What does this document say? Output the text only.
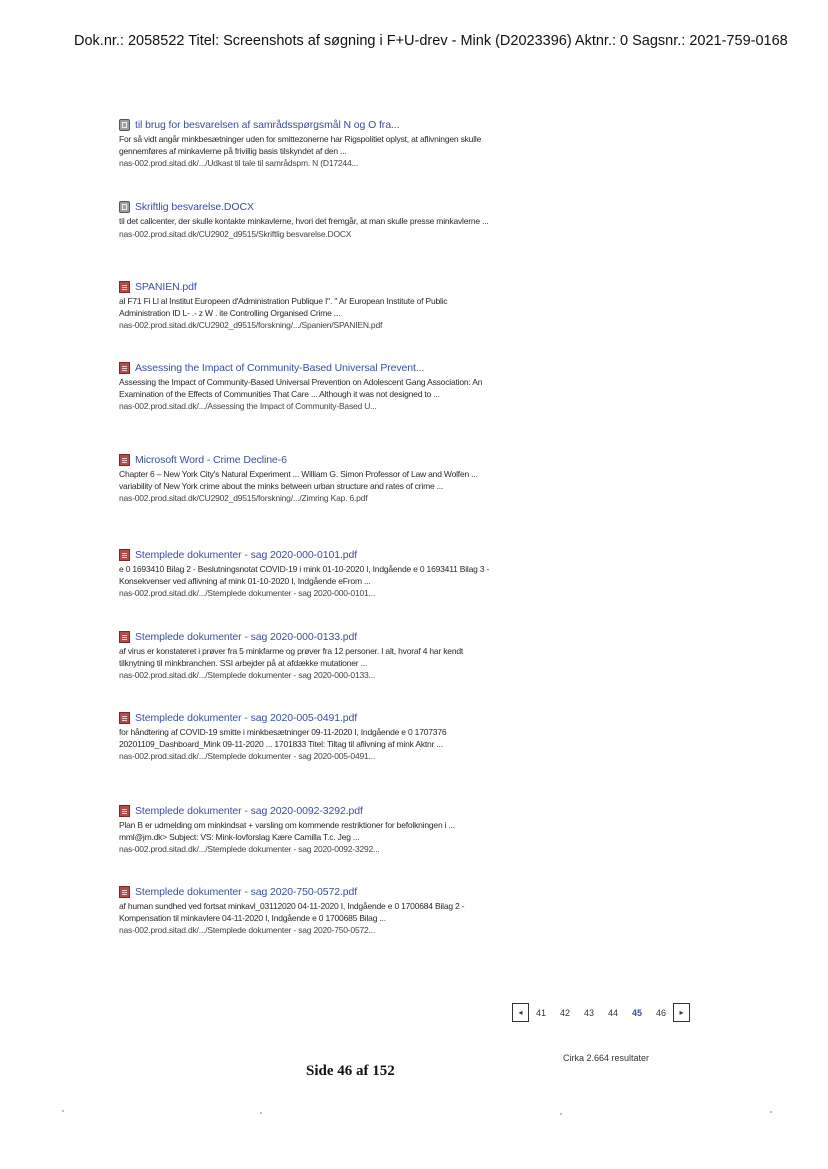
Dok.nr.: 2058522 Titel: Screenshots af søgning i F+U-drev - Mink (D2023396) Aktnr.: 0 Sagsnr.: 2021-759-0168
til brug for besvarelsen af samrådsspørgsmål N og O fra...
For så vidt angår minkbesætninger uden for smittezonerne har Rigspolitiet oplyst, at aflivningen skulle gennemføres af minkavlerne på frivillig basis tilskyndet af den ...
nas-002.prod.sitad.dk/.../Udkast til tale til samrådspm. N (D17244...
Skriftlig besvarelse.DOCX
til det callcenter, der skulle kontakte minkavlerne, hvori det fremgår, at man skulle presse minkavlerne ...
nas-002.prod.sitad.dk/CU2902_d9515/Skriftlig besvarelse.DOCX
SPANIEN.pdf
al F71 Fi Ll al Institut Europeen d'Administration Publique I". " Ar European Institute of Public Administration ID L- .- z W . ite Controlling Organised Crime ...
nas-002.prod.sitad.dk/CU2902_d9515/forskning/.../Spanien/SPANIEN.pdf
Assessing the Impact of Community-Based Universal Prevent...
Assessing the Impact of Community-Based Universal Prevention on Adolescent Gang Association: An Examination of the Effects of Communities That Care ... Although it was not designed to ...
nas-002.prod.sitad.dk/.../Assessing the Impact of Community-Based U...
Microsoft Word - Crime Decline-6
Chapter 6 – New York City's Natural Experiment ... William G. Simon Professor of Law and Wolfen ... variability of New York crime about the minks between urban structure and rates of crime ...
nas-002.prod.sitad.dk/CU2902_d9515/forskning/.../Zimring Kap. 6.pdf
Stemplede dokumenter - sag 2020-000-0101.pdf
e 0 1693410 Bilag 2 - Beslutningsnotat COVID-19 i mink 01-10-2020 I, Indgående e 0 1693411 Bilag 3 - Konsekvenser ved aflivning af mink 01-10-2020 I, Indgående eFrom ...
nas-002.prod.sitad.dk/.../Stemplede dokumenter - sag 2020-000-0101...
Stemplede dokumenter - sag 2020-000-0133.pdf
af virus er konstateret i prøver fra 5 minkfarme og prøver fra 12 personer. I alt, hvoraf 4 har kendt tilknytning til minkbranchen. SSI arbejder på at afdække mutationer ...
nas-002.prod.sitad.dk/.../Stemplede dokumenter - sag 2020-000-0133...
Stemplede dokumenter - sag 2020-005-0491.pdf
for håndtering af COVID-19 smitte i minkbesætninger 09-11-2020 I, Indgående e 0 1707376 20201109_Dashboard_Mink 09-11-2020 ... 1701833 Titel: Tiltag til aflivning af mink Aktnr ...
nas-002.prod.sitad.dk/.../Stemplede dokumenter - sag 2020-005-0491...
Stemplede dokumenter - sag 2020-0092-3292.pdf
Plan B er udmelding om minkindsat + varsling om kommende restriktioner for befolkningen i ... mml@jm.dk> Subject: VS: Mink-lovforslag Kære Camilla T.c. Jeg ...
nas-002.prod.sitad.dk/.../Stemplede dokumenter - sag 2020-0092-3292...
Stemplede dokumenter - sag 2020-750-0572.pdf
af human sundhed ved fortsat minkavl_03112020 04-11-2020 I, Indgående e 0 1700684 Bilag 2 - Kompensation til minkavlere 04-11-2020 I, Indgående e 0 1700685 Bilag ...
nas-002.prod.sitad.dk/.../Stemplede dokumenter - sag 2020-750-0572...
◂	41	42	43	44	45	46	▸
Cirka 2.664 resultater
Side 46 af 152
